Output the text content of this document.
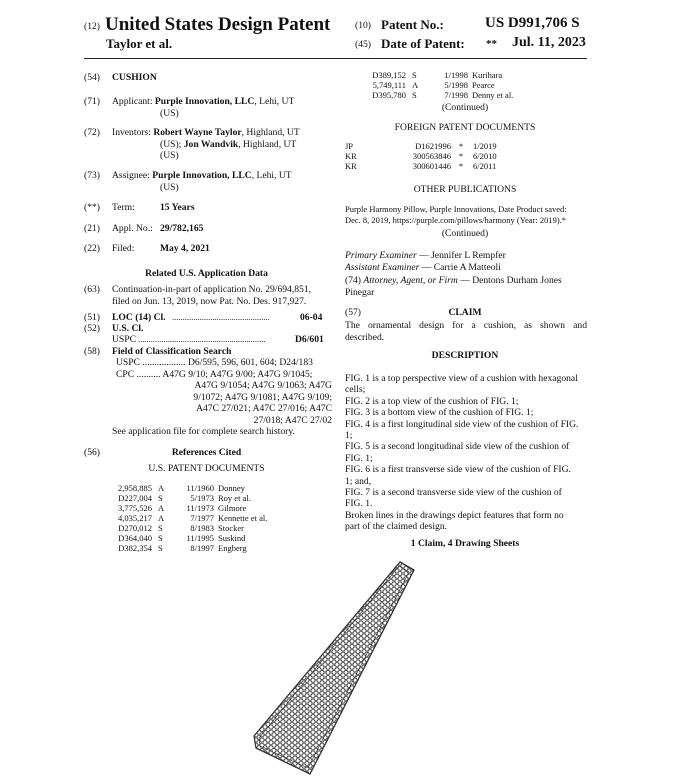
(12) United States Design Patent
Taylor et al.
(10) Patent No.:	US D991,706 S
(45) Date of Patent: ** Jul. 11, 2023
(54) CUSHION
(71) Applicant: Purple Innovation, LLC, Lehi, UT
(US)
(72) Inventors: Robert Wayne Taylor, Highland, UT
(US); Jon Wandvik, Highland, UT
(US)
(73) Assignee: Purple Innovation, LLC, Lehi, UT
(US)
(**) Term:	15 Years
(21) Appl. No.: 29/782,165
(22) Filed:	May 4, 2021
Related U.S. Application Data
(63) Continuation-in-part of application No. 29/694,851,
filed on Jun. 13, 2019, now Pat. No. Des. 917,927.
(51) LOC (14) Cl. ..............................................	06-04
(52) U.S. Cl.
USPC ............................................................	D6/601
(58) Field of Classification Search
USPC .................. D6/595, 596, 601, 604; D24/183
CPC .......... A47G 9/10; A47G 9/00; A47G 9/1045;
A47G 9/1054; A47G 9/1063; A47G
9/1072; A47G 9/1081; A47G 9/109;
A47C 27/021; A47C 27/016; A47C
27/018; A47C 27/02
See application file for complete search history.
(56)	References Cited
U.S. PATENT DOCUMENTS
2,958,885	A	11/1960	Donney
D227,004	S	5/1973	Roy et al.
3,775,526	A	11/1973	Gilmore
4,035,217	A	7/1977	Kennette et al.
D270,012	S	8/1983	Stocker
D364,040	S	11/1995	Suskind
D382,354	S	8/1997	Engberg
D389,152	S	1/1998	Kurihara
5,749,111	A	5/1998	Pearce
D395,780	S	7/1998	Denny et al.
(Continued)
FOREIGN PATENT DOCUMENTS
JP	D1621996	*	1/2019
KR	300563846	*	6/2010
KR	300601446	*	6/2011
OTHER PUBLICATIONS
Purple Harmony Pillow, Purple Innovations, Date Product saved:
Dec. 8, 2019, https://purple.com/pillows/harmony (Year: 2019).*
(Continued)
Primary Examiner — Jennifer L Rempfer
Assistant Examiner — Carrie A Matteoli
(74) Attorney, Agent, or Firm — Dentons Durham Jones
Pinegar
(57)	CLAIM
The ornamental design for a cushion, as shown and
described.
DESCRIPTION
FIG. 1 is a top perspective view of a cushion with hexagonal
cells;
FIG. 2 is a top view of the cushion of FIG. 1;
FIG. 3 is a bottom view of the cushion of FIG. 1;
FIG. 4 is a first longitudinal side view of the cushion of FIG.
1;
FIG. 5 is a second longitudinal side view of the cushion of
FIG. 1;
FIG. 6 is a first transverse side view of the cushion of FIG.
1; and,
FIG. 7 is a second transverse side view of the cushion of
FIG. 1.
Broken lines in the drawings depict features that form no
part of the claimed design.
1 Claim, 4 Drawing Sheets
